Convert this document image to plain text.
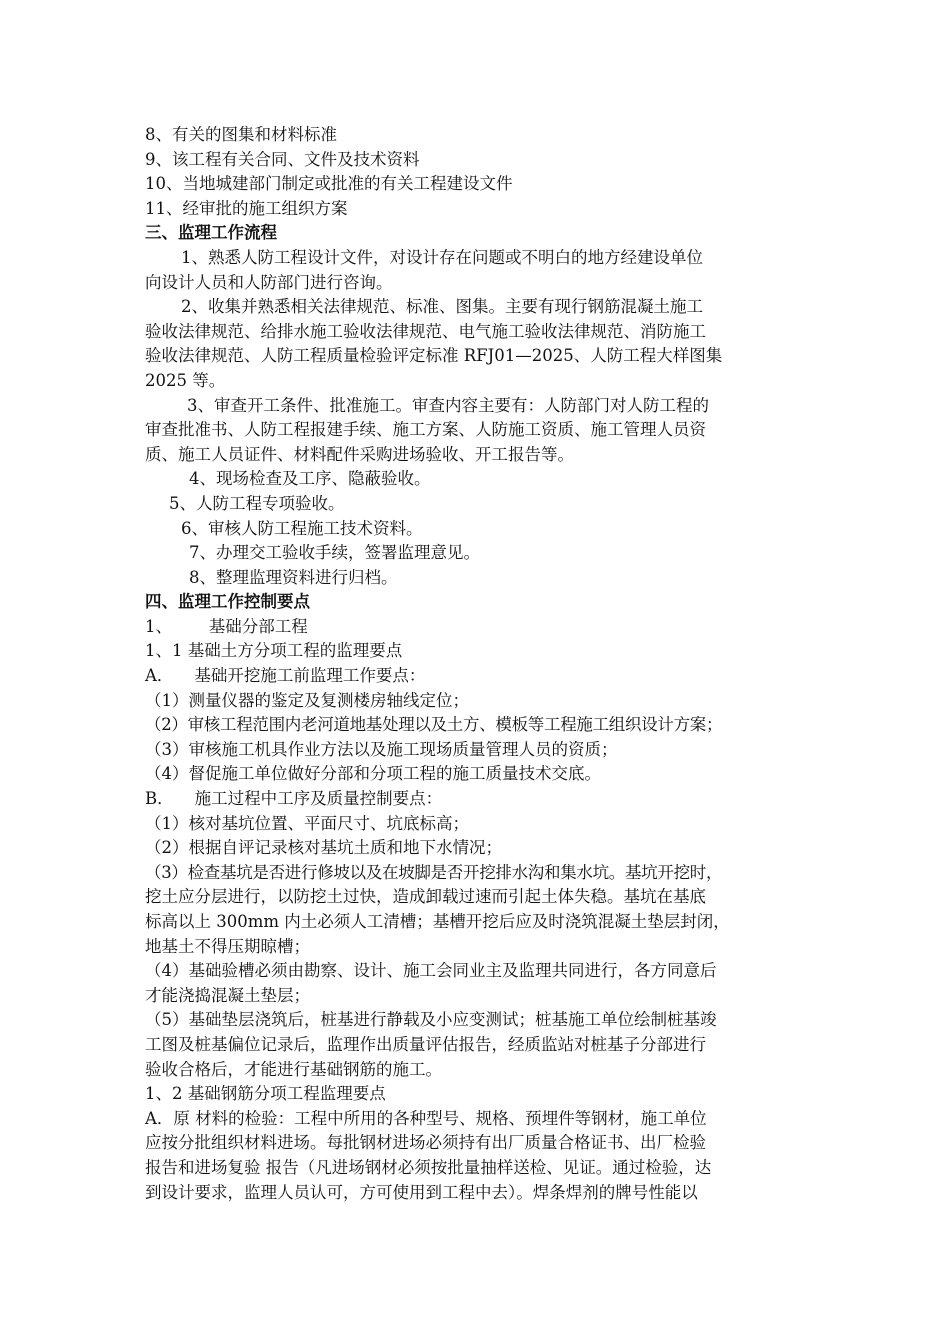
8、有关的图集和材料标准
9、该工程有关合同、文件及技术资料
10、当地城建部门制定或批准的有关工程建设文件
11、经审批的施工组织方案
三、监理工作流程
1、熟悉人防工程设计文件，对设计存在问题或不明白的地方经建设单位
向设计人员和人防部门进行咨询。
2、收集并熟悉相关法律规范、标准、图集。主要有现行钢筋混凝土施工
验收法律规范、给排水施工验收法律规范、电气施工验收法律规范、消防施工
验收法律规范、人防工程质量检验评定标准 RFJ01—2025、人防工程大样图集
2025 等。
3、审查开工条件、批准施工。审查内容主要有：人防部门对人防工程的
审查批准书、人防工程报建手续、施工方案、人防施工资质、施工管理人员资
质、施工人员证件、材料配件采购进场验收、开工报告等。
4、现场检查及工序、隐蔽验收。
5、人防工程专项验收。
6、审核人防工程施工技术资料。
7、办理交工验收手续，签署监理意见。
8、整理监理资料进行归档。
四、监理工作控制要点
1、       基础分部工程
1、1 基础土方分项工程的监理要点
A．    基础开挖施工前监理工作要点：
（1）测量仪器的鉴定及复测楼房轴线定位；
（2）审核工程范围内老河道地基处理以及土方、模板等工程施工组织设计方案；
（3）审核施工机具作业方法以及施工现场质量管理人员的资质；
（4）督促施工单位做好分部和分项工程的施工质量技术交底。
B．    施工过程中工序及质量控制要点：
（1）核对基坑位置、平面尺寸、坑底标高；
（2）根据自评记录核对基坑土质和地下水情况；
（3）检查基坑是否进行修坡以及在坡脚是否开挖排水沟和集水坑。基坑开挖时，
挖土应分层进行，以防挖土过快，造成卸载过速而引起土体失稳。基坑在基底
标高以上 300mm 内土必须人工清槽；基槽开挖后应及时浇筑混凝土垫层封闭，
地基土不得压期晾槽；
（4）基础验槽必须由勘察、设计、施工会同业主及监理共同进行，各方同意后
才能浇捣混凝土垫层；
（5）基础垫层浇筑后，桩基进行静载及小应变测试；桩基施工单位绘制桩基竣
工图及桩基偏位记录后，监理作出质量评估报告，经质监站对桩基子分部进行
验收合格后，才能进行基础钢筋的施工。
1、2 基础钢筋分项工程监理要点
A．原 材料的检验：工程中所用的各种型号、规格、预埋件等钢材，施工单位
应按分批组织材料进场。每批钢材进场必须持有出厂质量合格证书、出厂检验
报告和进场复验 报告（凡进场钢材必须按批量抽样送检、见证。通过检验，达
到设计要求，监理人员认可，方可使用到工程中去）。焊条焊剂的牌号性能以
